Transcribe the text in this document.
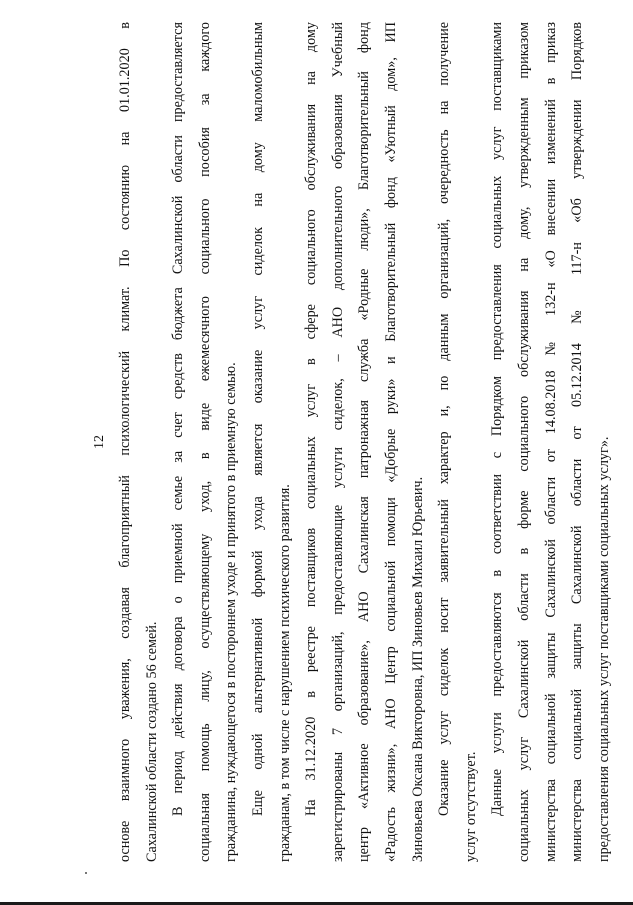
12 основе взаимного уважения, создавая благоприятный психологический климат. По состоянию на 01.01.2020 в Сахалинской области создано 56 семей. В период действия договора о приемной семье за счет средств бюджета Сахалинской области предоставляется социальная помощь лицу, осуществляющему уход, в виде ежемесячного социального пособия за каждого гражданина, нуждающегося в постороннем уходе и принятого в приемную семью. Еще одной альтернативной формой ухода является оказание услуг сиделок на дому маломобильным гражданам, в том числе с нарушением психического развития. На 31.12.2020 в реестре поставщиков социальных услуг в сфере социального обслуживания на дому зарегистрированы 7 организаций, предоставляющие услуги сиделок, – АНО дополнительного образования Учебный центр «Активное образование», АНО Сахалинская патронажная служба «Родные люди», Благотворительный фонд «Радость жизни», АНО Центр социальной помощи «Добрые руки» и Благотворительный фонд «Уютный дом», ИП Зиновьева Оксана Викторовна, ИП Зиновьев Михаил Юрьевич. Оказание услуг сиделок носит заявительный характер и, по данным организаций, очередность на получение услуг отсутствует. Данные услуги предоставляются в соответствии с Порядком предоставления социальных услуг поставщиками социальных услуг Сахалинской области в форме социального обслуживания на дому, утвержденным приказом министерства социальной защиты Сахалинской области от 14.08.2018 № 132-н «О внесении изменений в приказ министерства социальной защиты Сахалинской области от 05.12.2014 № 117-н «Об утверждении Порядков предоставления социальных услуг поставщиками социальных услуг».
